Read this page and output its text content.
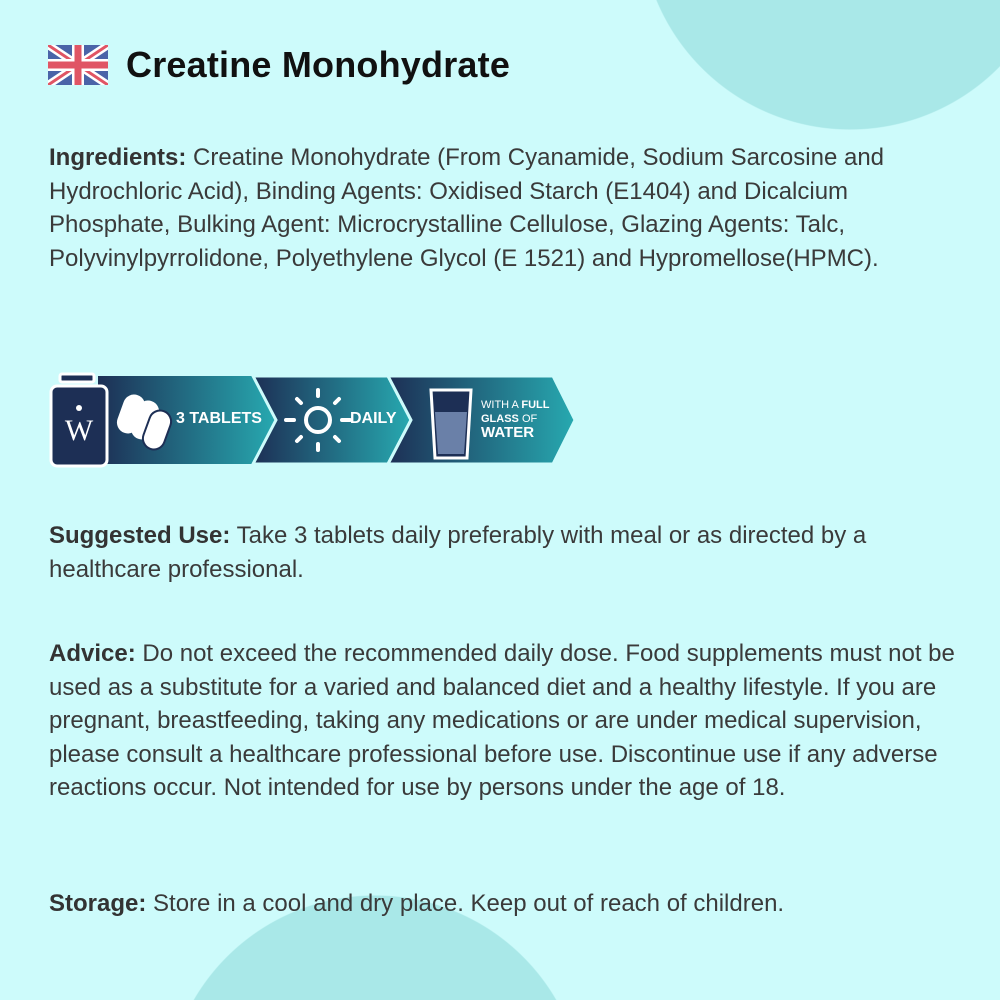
Creatine Monohydrate

Ingredients: Creatine Monohydrate (From Cyanamide, Sodium Sarcosine and Hydrochloric Acid), Binding Agents: Oxidised Starch (E1404) and Dicalcium Phosphate, Bulking Agent: Microcrystalline Cellulose, Glazing Agents: Talc, Polyvinylpyrrolidone, Polyethylene Glycol (E 1521) and Hypromellose(HPMC).

W	3 TABLETS	DAILY
WITH A FULL
GLASS OF
WATER

Suggested Use: Take 3 tablets daily preferably with meal or as directed by a healthcare professional.

Advice: Do not exceed the recommended daily dose. Food supplements must not be used as a substitute for a varied and balanced diet and a healthy lifestyle. If you are pregnant, breastfeeding, taking any medications or are under medical supervision, please consult a healthcare professional before use. Discontinue use if any adverse reactions occur. Not intended for use by persons under the age of 18.

Storage: Store in a cool and dry place. Keep out of reach of children.
